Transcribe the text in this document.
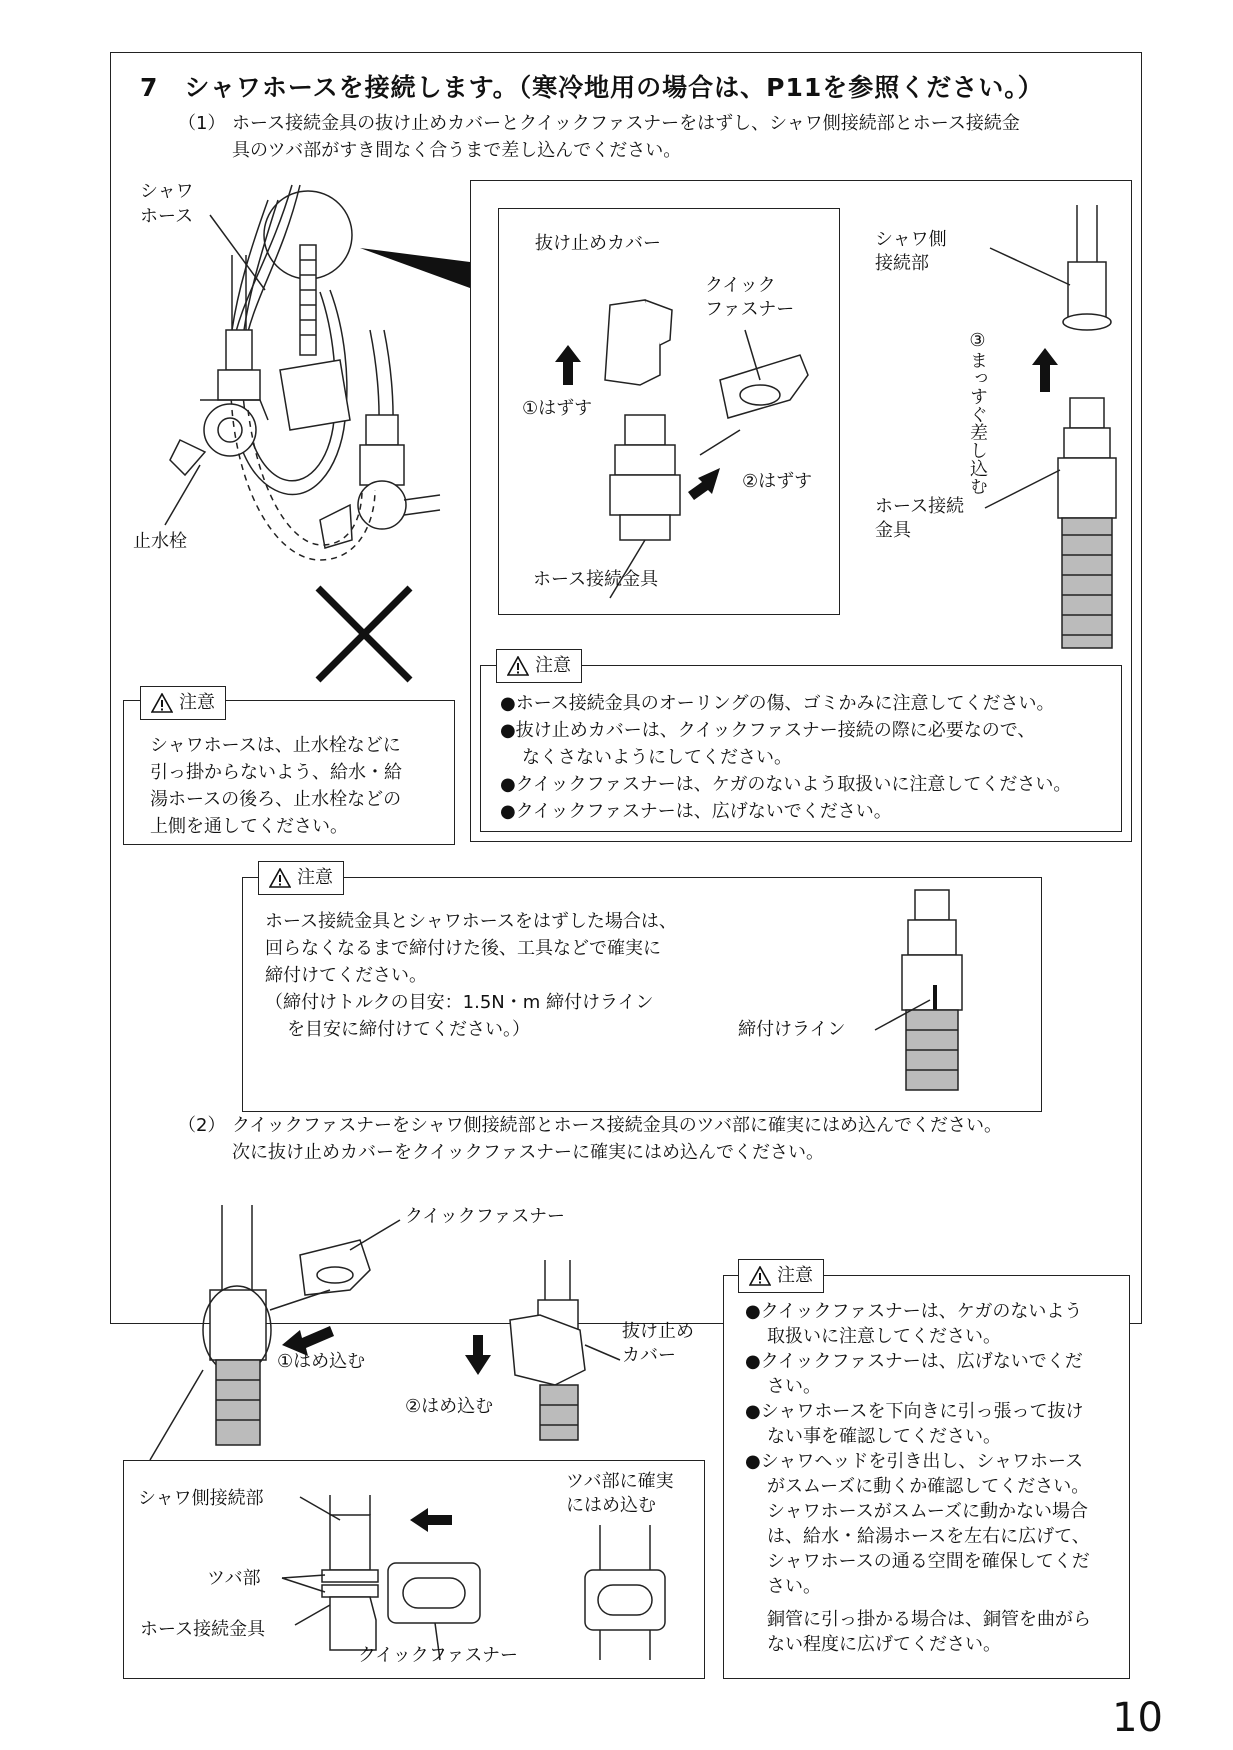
7　シャワホースを接続します。（寒冷地用の場合は、P11を参照ください。）
（1） ホース接続金具の抜け止めカバーとクイックファスナーをはずし、シャワ側接続部とホース接続金
具のツバ部がすき間なく合うまで差し込んでください。
（2） クイックファスナーをシャワ側接続部とホース接続金具のツバ部に確実にはめ込んでください。
次に抜け止めカバーをクイックファスナーに確実にはめ込んでください。
シャワ
ホース
止水栓
抜け止めカバー
クイック
ファスナー
①はずす
②はずす
ホース接続金具
シャワ側
接続部
③まっすぐ差し込む
ホース接続
金具
注意
シャワホースは、止水栓などに
引っ掛からないよう、給水・給
湯ホースの後ろ、止水栓などの
上側を通してください。
注意
●ホース接続金具のオーリングの傷、ゴミかみに注意してください。
●抜け止めカバーは、クイックファスナー接続の際に必要なので、
なくさないようにしてください。
●クイックファスナーは、ケガのないよう取扱いに注意してください。
●クイックファスナーは、広げないでください。
注意
ホース接続金具とシャワホースをはずした場合は、
回らなくなるまで締付けた後、工具などで確実に
締付けてください。
（締付けトルクの目安：1.5N・m 締付けライン
を目安に締付けてください。）	締付けライン
クイックファスナー
①はめ込む
②はめ込む
抜け止め
カバー
シャワ側接続部
ツバ部
ホース接続金具
クイックファスナー
ツバ部に確実
にはめ込む
注意
●クイックファスナーは、ケガのないよう
取扱いに注意してください。
●クイックファスナーは、広げないでくだ
さい。
●シャワホースを下向きに引っ張って抜け
ない事を確認してください。
●シャワヘッドを引き出し、シャワホース
がスムーズに動くか確認してください。
シャワホースがスムーズに動かない場合
は、給水・給湯ホースを左右に広げて、
シャワホースの通る空間を確保してくだ
さい。
銅管に引っ掛かる場合は、銅管を曲がら
ない程度に広げてください。
10
